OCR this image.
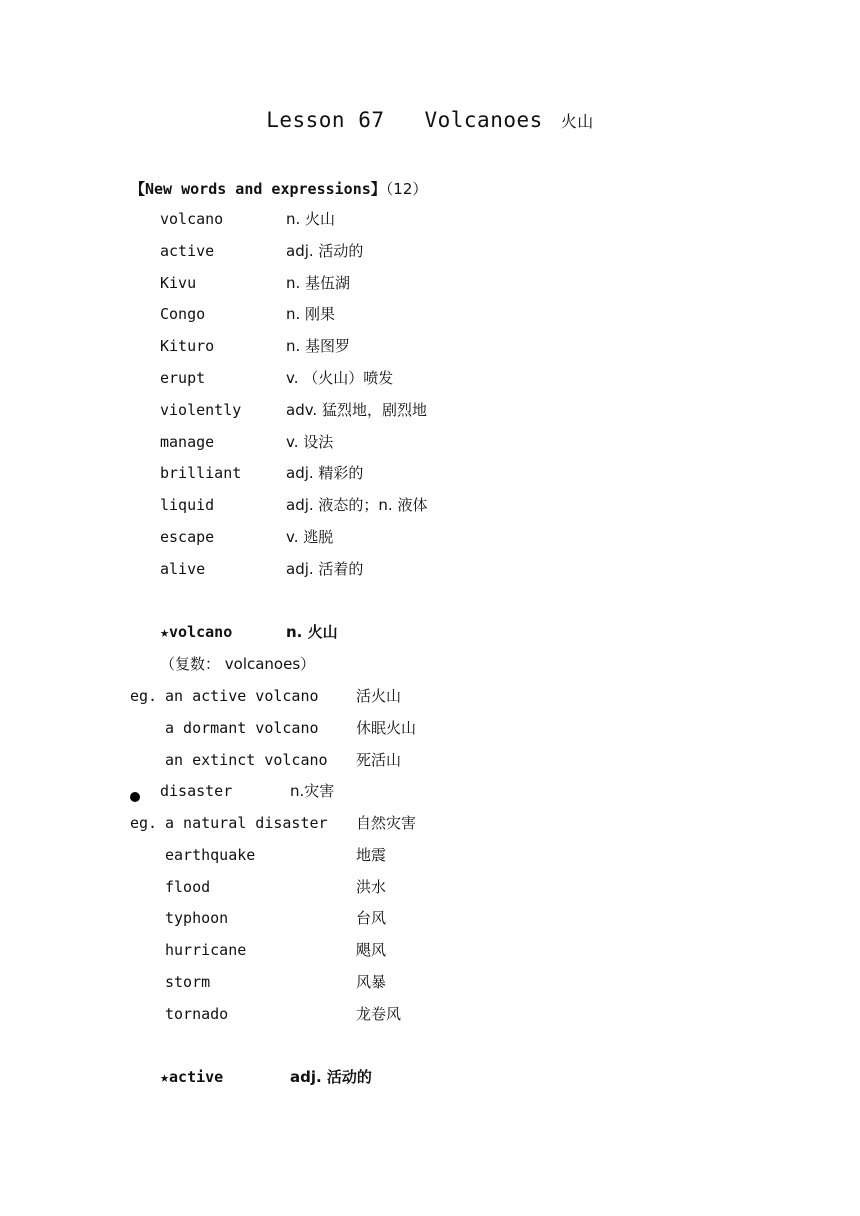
Lesson 67 Volcanoes 火山
【New words and expressions】（12）
volcano	n. 火山
active	adj. 活动的
Kivu	n. 基伍湖
Congo	n. 刚果
Kituro	n. 基图罗
erupt	v. （火山）喷发
violently	adv. 猛烈地，剧烈地
manage	v. 设法
brilliant	adj. 精彩的
liquid	adj. 液态的；n. 液体
escape	v. 逃脱
alive	adj. 活着的
★volcano	n. 火山
（复数： volcanoes）
eg. an active volcano 活火山
a dormant volcano 休眠火山
an extinct volcano 死活山
disaster	n.灾害
eg. a natural disaster 自然灾害
earthquake	地震
flood	洪水
typhoon	台风
hurricane	飓风
storm	风暴
tornado	龙卷风
★active	adj. 活动的
